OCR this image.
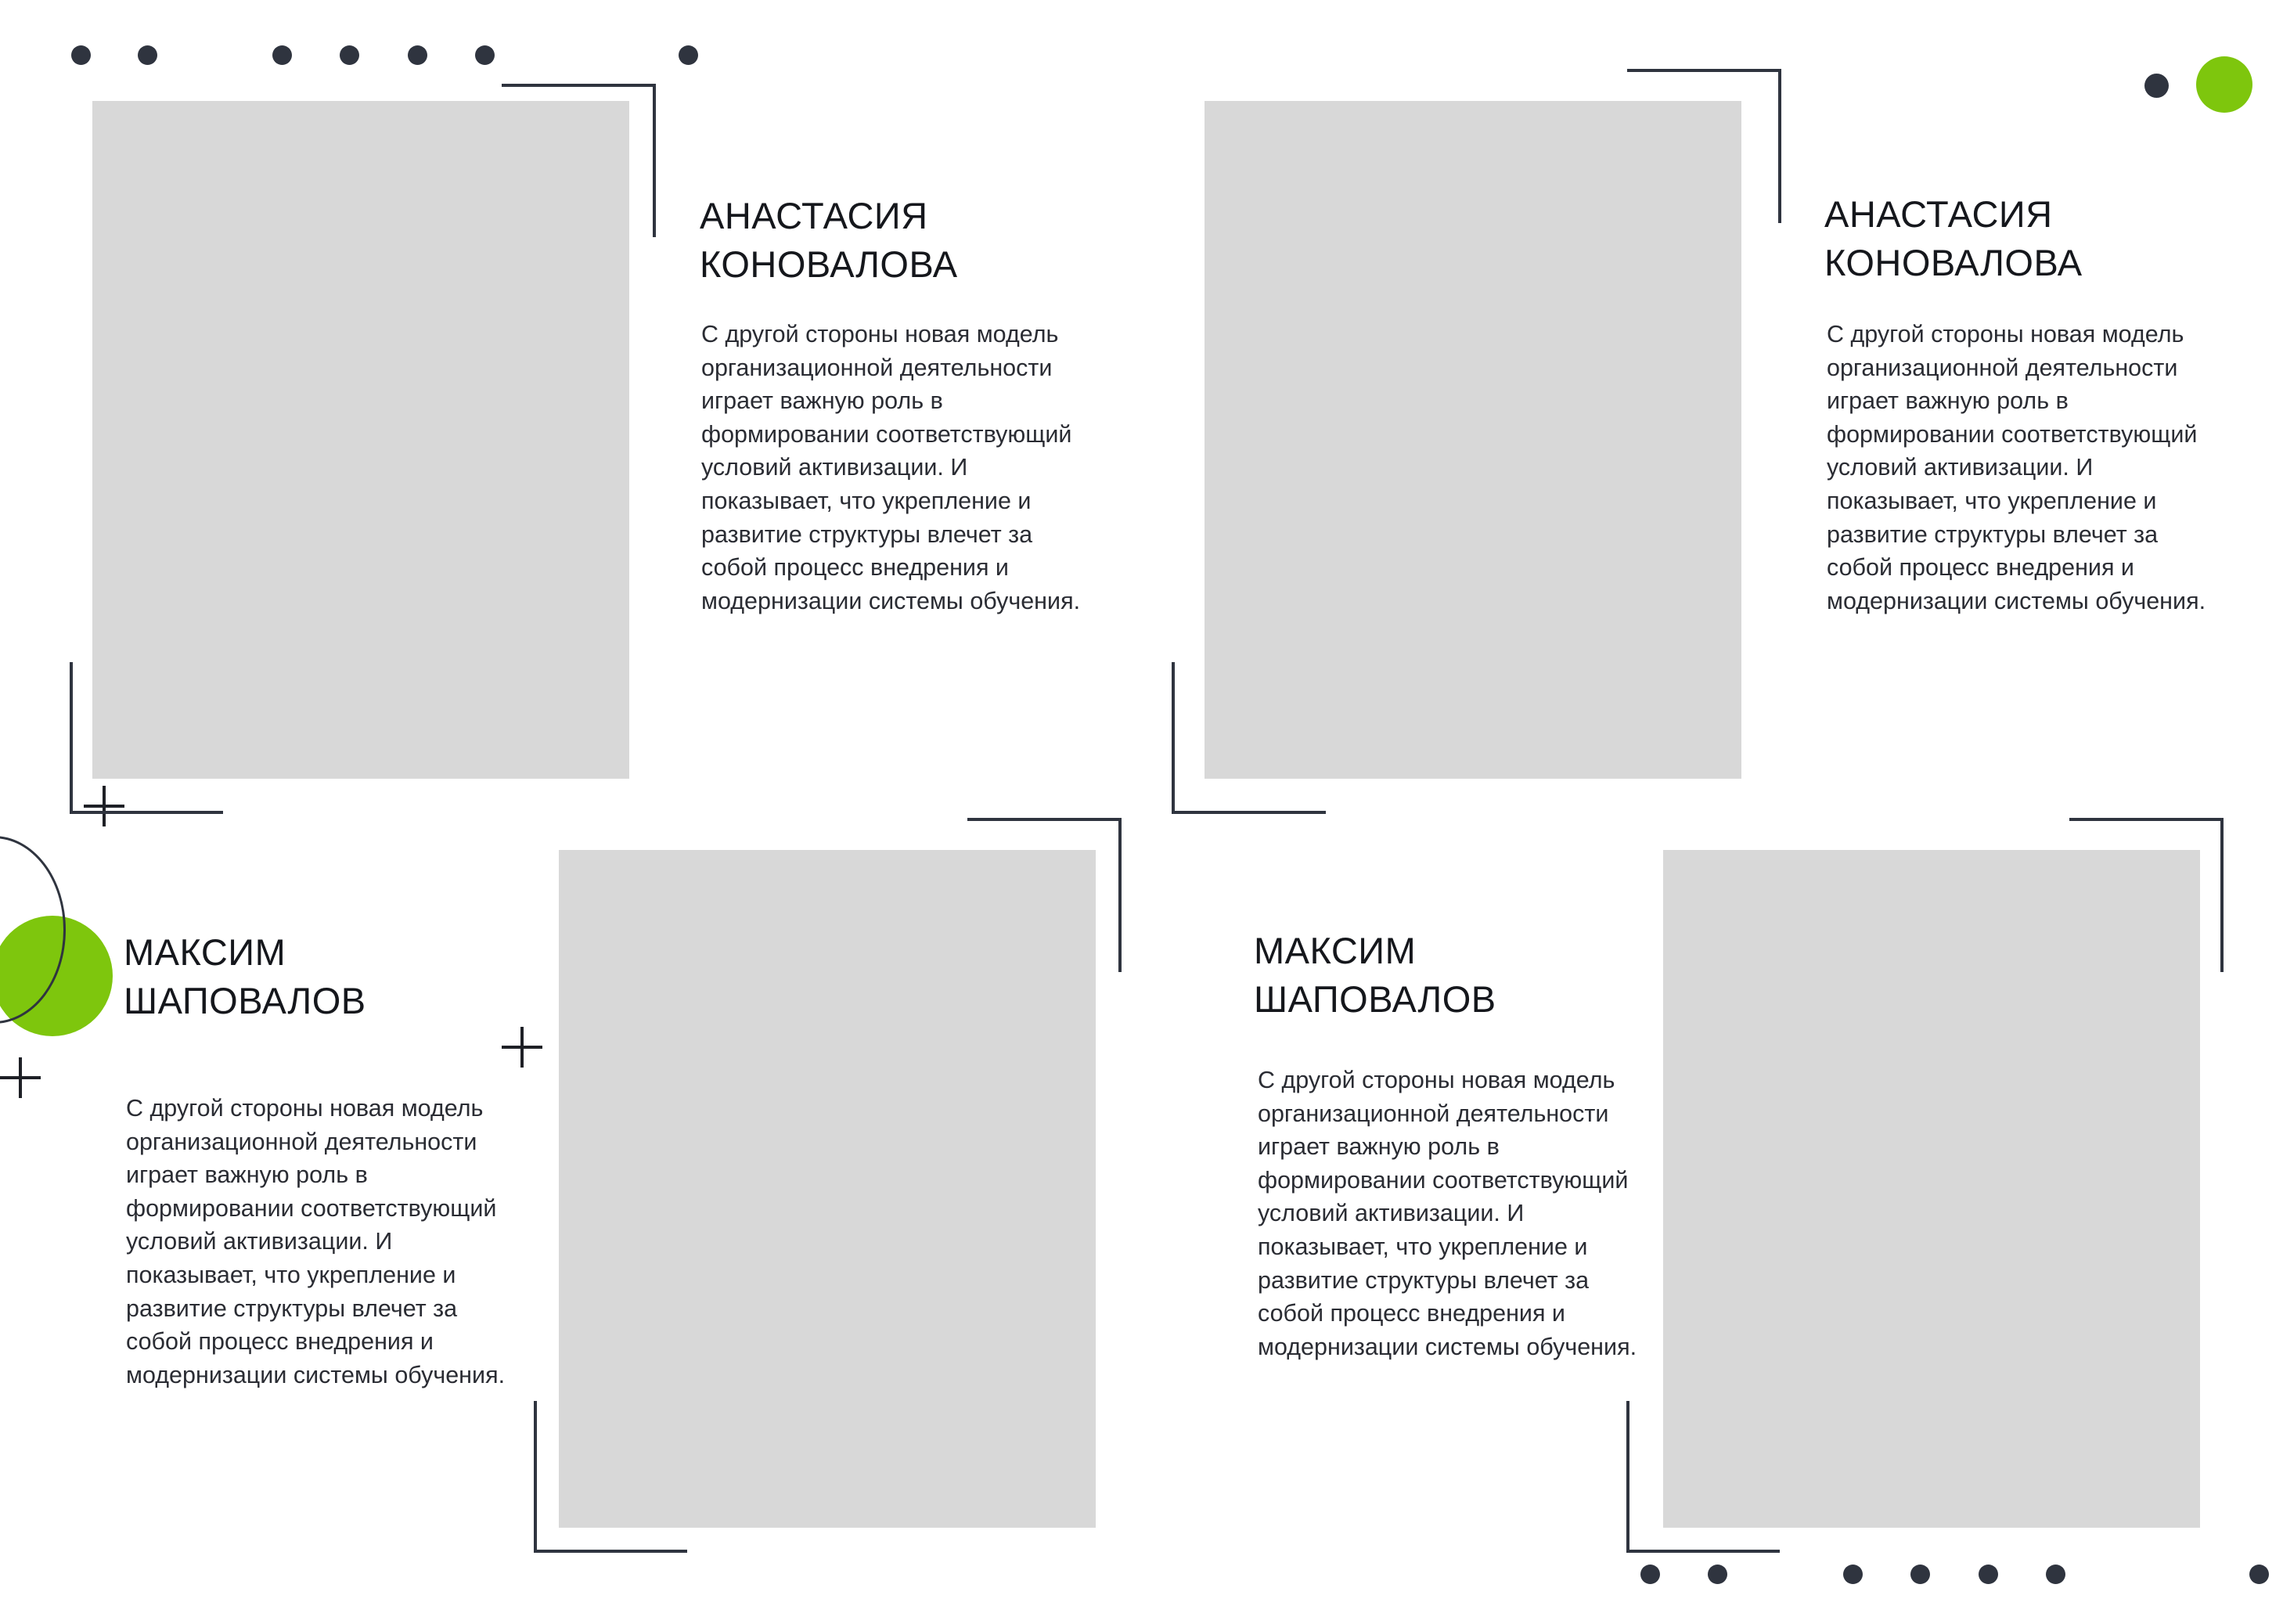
АНАСТАСИЯ
КОНОВАЛОВА
С другой стороны новая модель организационной деятельности играет важную роль в формировании соответствующий условий активизации. И показывает, что укрепление и развитие структуры влечет за собой процесс внедрения и модернизации системы обучения.
АНАСТАСИЯ
КОНОВАЛОВА
С другой стороны новая модель организационной деятельности играет важную роль в формировании соответствующий условий активизации. И показывает, что укрепление и развитие структуры влечет за собой процесс внедрения и модернизации системы обучения.
МАКСИМ
ШАПОВАЛОВ
С другой стороны новая модель организационной деятельности играет важную роль в формировании соответствующий условий активизации. И показывает, что укрепление и развитие структуры влечет за собой процесс внедрения и модернизации системы обучения.
МАКСИМ
ШАПОВАЛОВ
С другой стороны новая модель организационной деятельности играет важную роль в формировании соответствующий условий активизации. И показывает, что укрепление и развитие структуры влечет за собой процесс внедрения и модернизации системы обучения.
